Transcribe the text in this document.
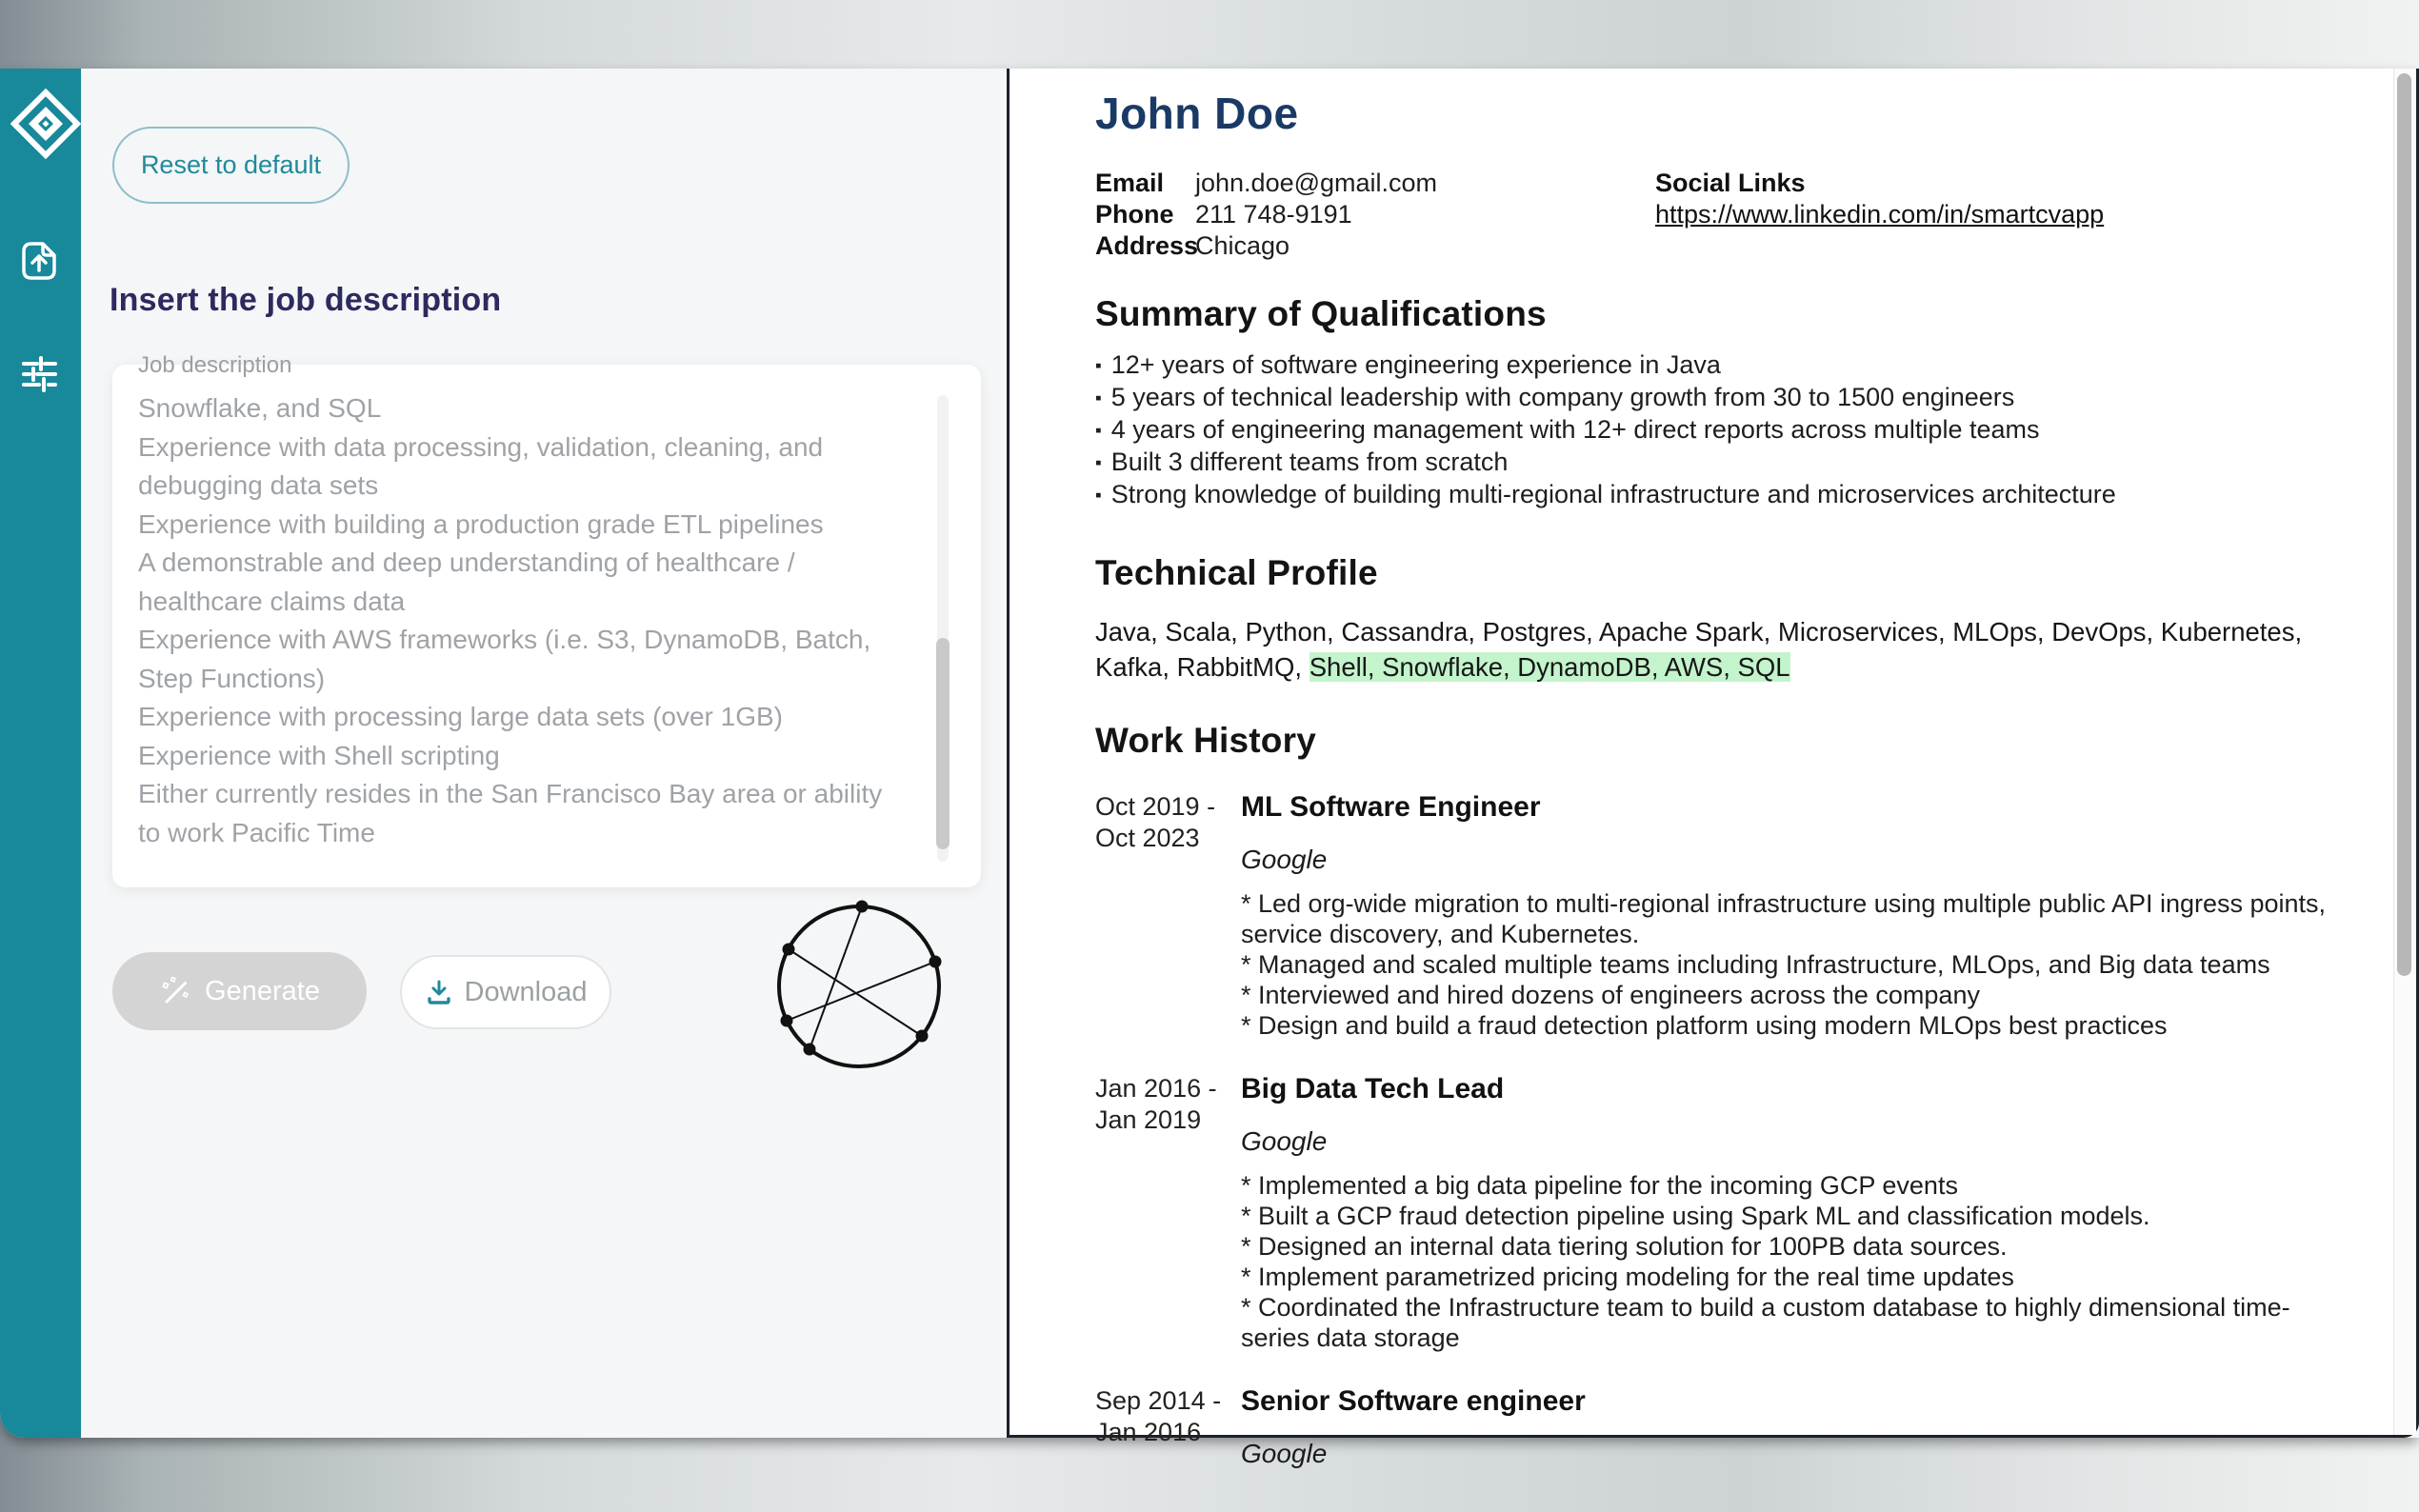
Reset to default
Insert the job description
Job description
Snowflake, and SQL
Experience with data processing, validation, cleaning, and debugging data sets
Experience with building a production grade ETL pipelines
A demonstrable and deep understanding of healthcare / healthcare claims data
Experience with AWS frameworks (i.e. S3, DynamoDB, Batch, Step Functions)
Experience with processing large data sets (over 1GB)
Experience with Shell scripting
Either currently resides in the San Francisco Bay area or ability to work Pacific Time
Generate	Download
John Doe
Email	john.doe@gmail.com
Phone 211 748-9191
Address
Chicago
Social Links
https://www.linkedin.com/in/smartcvapp
Summary of Qualifications
▪ 12+ years of software engineering experience in Java
▪ 5 years of technical leadership with company growth from 30 to 1500 engineers
▪ 4 years of engineering management with 12+ direct reports across multiple teams
▪ Built 3 different teams from scratch
▪ Strong knowledge of building multi-regional infrastructure and microservices architecture
Technical Profile

Java, Scala, Python, Cassandra, Postgres, Apache Spark, Microservices, MLOps, DevOps, Kubernetes, Kafka, RabbitMQ, Shell, Snowflake, DynamoDB, AWS, SQL

Work History
Oct 2019 -
Oct 2023
ML Software Engineer
Google
* Led org-wide migration to multi-regional infrastructure using multiple public API ingress points, service discovery, and Kubernetes.
* Managed and scaled multiple teams including Infrastructure, MLOps, and Big data teams
* Interviewed and hired dozens of engineers across the company
* Design and build a fraud detection platform using modern MLOps best practices
Jan 2016 -
Jan 2019
Big Data Tech Lead
Google
* Implemented a big data pipeline for the incoming GCP events
* Built a GCP fraud detection pipeline using Spark ML and classification models.
* Designed an internal data tiering solution for 100PB data sources.
* Implement parametrized pricing modeling for the real time updates
* Coordinated the Infrastructure team to build a custom database to highly dimensional time-series data storage
Sep 2014 -
Jan 2016
Senior Software engineer
Google
